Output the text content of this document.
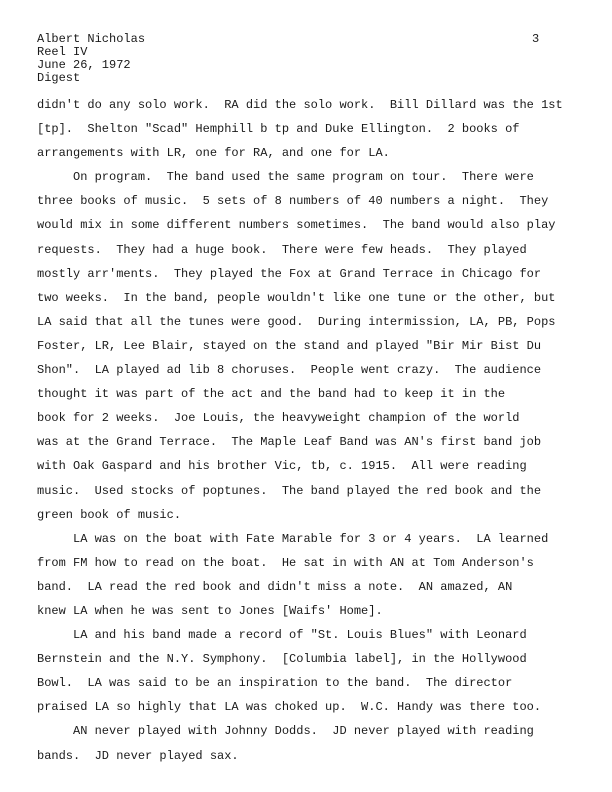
Albert Nicholas
Reel IV
June 26, 1972
Digest
3
didn't do any solo work.  RA did the solo work.  Bill Dillard was the 1st
[tp].  Shelton "Scad" Hemphill b tp and Duke Ellington.  2 books of
arrangements with LR, one for RA, and one for LA.
On program.  The band used the same program on tour.  There were
three books of music.  5 sets of 8 numbers of 40 numbers a night.  They
would mix in some different numbers sometimes.  The band would also play
requests.  They had a huge book.  There were few heads.  They played
mostly arr'ments.  They played the Fox at Grand Terrace in Chicago for
two weeks.  In the band, people wouldn't like one tune or the other, but
LA said that all the tunes were good.  During intermission, LA, PB, Pops
Foster, LR, Lee Blair, stayed on the stand and played "Bir Mir Bist Du
Shon".  LA played ad lib 8 choruses.  People went crazy.  The audience
thought it was part of the act and the band had to keep it in the
book for 2 weeks.  Joe Louis, the heavyweight champion of the world
was at the Grand Terrace.  The Maple Leaf Band was AN's first band job
with Oak Gaspard and his brother Vic, tb, c. 1915.  All were reading
music.  Used stocks of poptunes.  The band played the red book and the
green book of music.
LA was on the boat with Fate Marable for 3 or 4 years.  LA learned
from FM how to read on the boat.  He sat in with AN at Tom Anderson's
band.  LA read the red book and didn't miss a note.  AN amazed, AN
knew LA when he was sent to Jones [Waifs' Home].
LA and his band made a record of "St. Louis Blues" with Leonard
Bernstein and the N.Y. Symphony.  [Columbia label], in the Hollywood
Bowl.  LA was said to be an inspiration to the band.  The director
praised LA so highly that LA was choked up.  W.C. Handy was there too.
AN never played with Johnny Dodds.  JD never played with reading
bands.  JD never played sax.
